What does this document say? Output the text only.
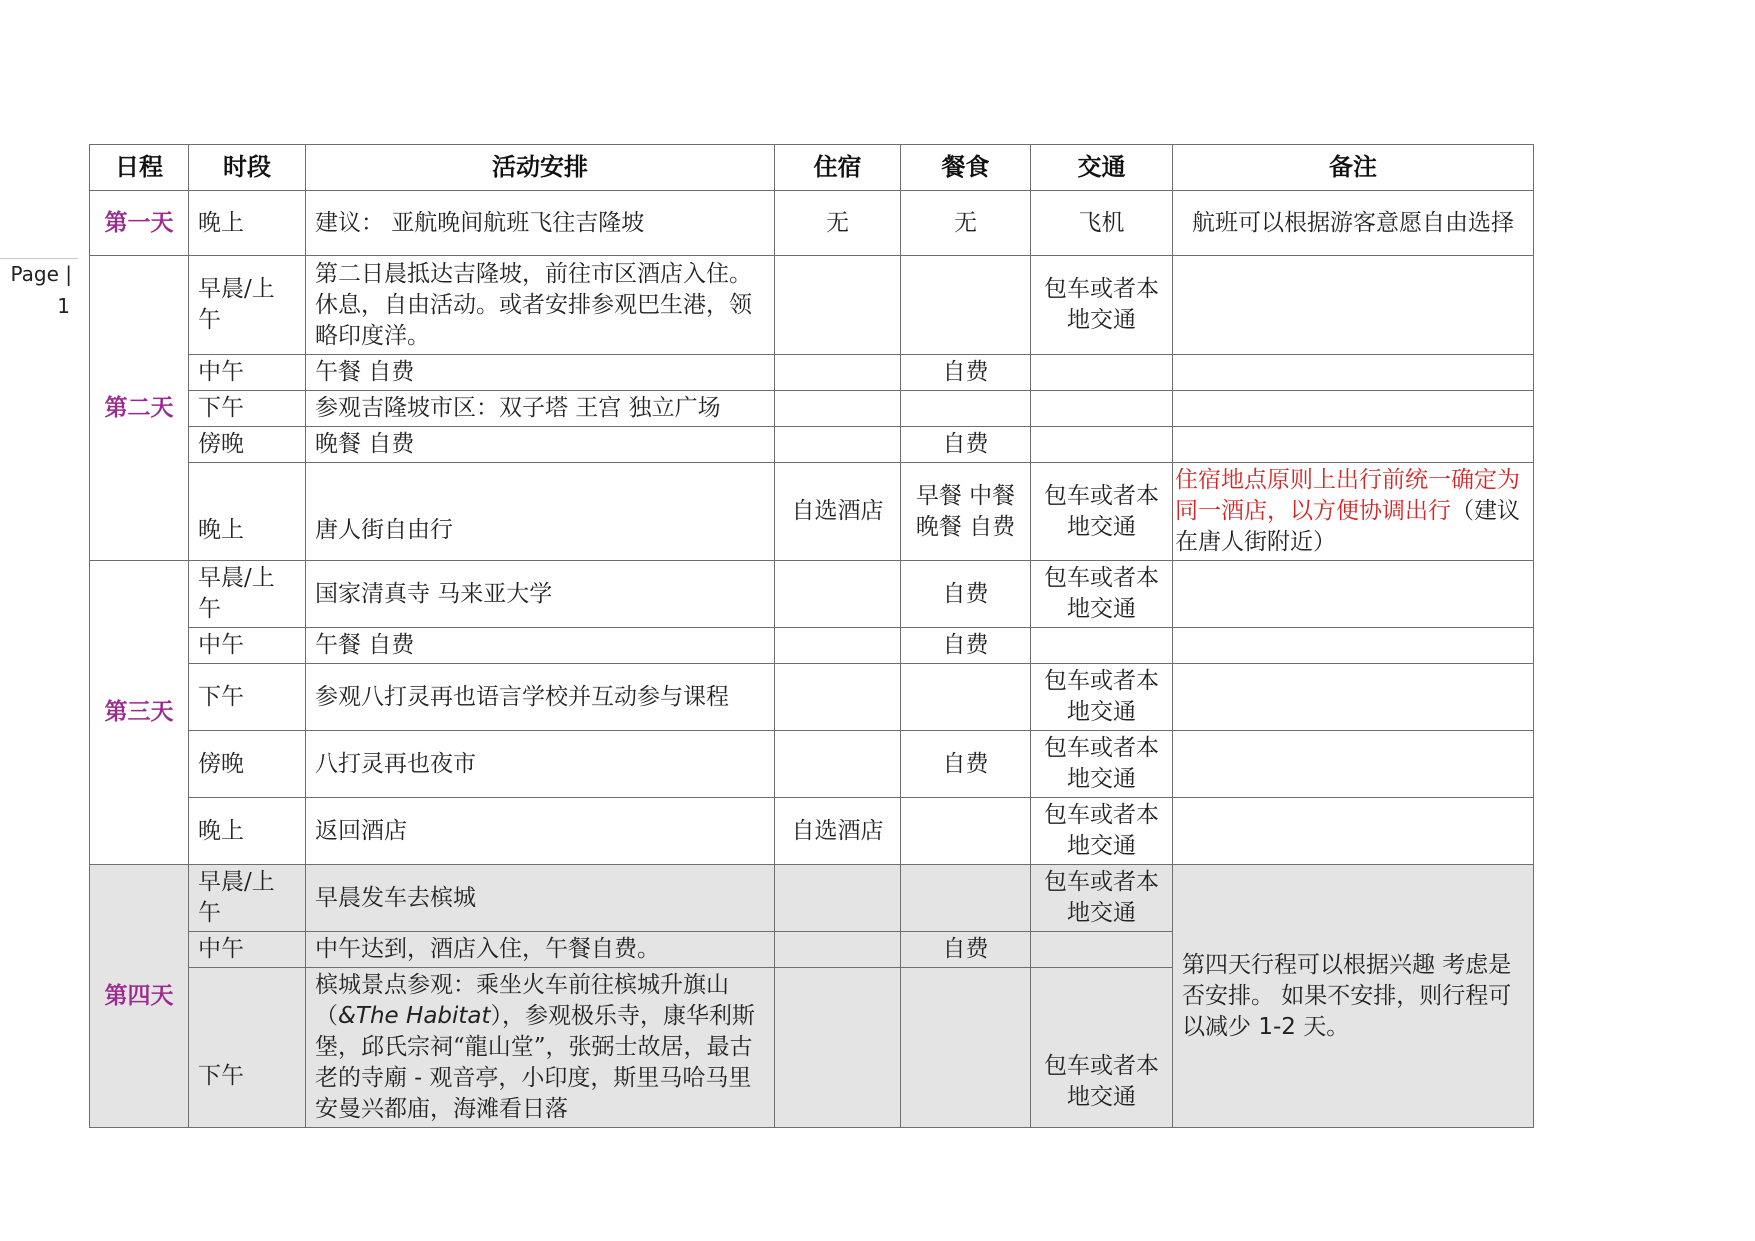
Page |
1
日程	时段	活动安排	住宿	餐食	交通	备注
第一天	晚上	建议： 亚航晚间航班飞往吉隆坡	无	无	飞机	航班可以根据游客意愿自由选择
第二天	早晨/上午	第二日晨抵达吉隆坡，前往市区酒店入住。休息，自由活动。或者安排参观巴生港，领略印度洋。			包车或者本地交通	
	中午	午餐 自费		自费		
	下午	参观吉隆坡市区：双子塔 王宫 独立广场				
	傍晚	晚餐 自费		自费		
	晚上	唐人街自由行	自选酒店	早餐 中餐 晚餐 自费	包车或者本地交通	住宿地点原则上出行前统一确定为同一酒店，以方便协调出行（建议在唐人街附近）
第三天	早晨/上午	国家清真寺 马来亚大学		自费	包车或者本地交通	
	中午	午餐 自费		自费		
	下午	参观八打灵再也语言学校并互动参与课程			包车或者本地交通	
	傍晚	八打灵再也夜市		自费	包车或者本地交通	
	晚上	返回酒店	自选酒店		包车或者本地交通	
第四天	早晨/上午	早晨发车去槟城			包车或者本地交通	第四天行程可以根据兴趣 考虑是否安排。 如果不安排，则行程可以减少 1-2 天。
	中午	中午达到，酒店入住，午餐自费。		自费		
	下午	槟城景点参观：乘坐火车前往槟城升旗山（&The Habitat），参观极乐寺，康华利斯堡，邱氏宗祠“龍山堂”，张弼士故居，最古老的寺廟 - 观音亭，小印度，斯里马哈马里安曼兴都庙，海滩看日落			包车或者本地交通	
